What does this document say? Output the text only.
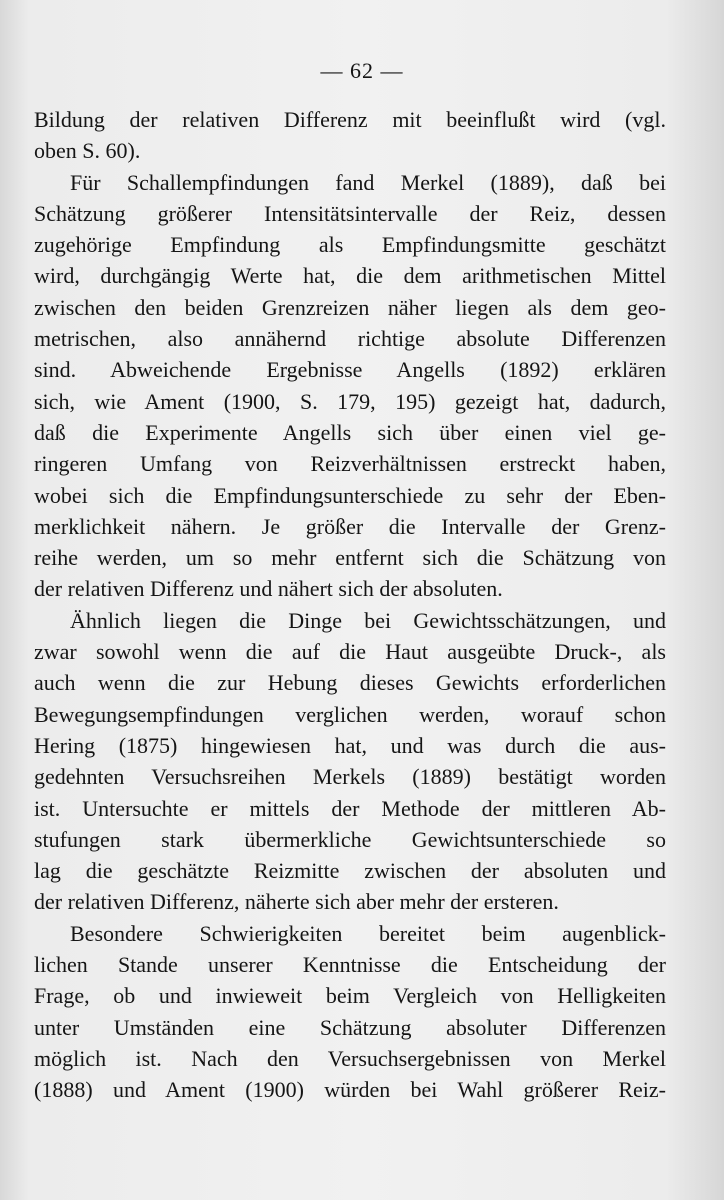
— 62 —
Bildung der relativen Differenz mit beeinflußt wird (vgl.
oben S. 60).
Für Schallempfindungen fand Merkel (1889), daß bei
Schätzung größerer Intensitätsintervalle der Reiz, dessen
zugehörige Empfindung als Empfindungsmitte geschätzt
wird, durchgängig Werte hat, die dem arithmetischen Mittel
zwischen den beiden Grenzreizen näher liegen als dem geo-
metrischen, also annähernd richtige absolute Differenzen
sind. Abweichende Ergebnisse Angells (1892) erklären
sich, wie Ament (1900, S. 179, 195) gezeigt hat, dadurch,
daß die Experimente Angells sich über einen viel ge-
ringeren Umfang von Reizverhältnissen erstreckt haben,
wobei sich die Empfindungsunterschiede zu sehr der Eben-
merklichkeit nähern. Je größer die Intervalle der Grenz-
reihe werden, um so mehr entfernt sich die Schätzung von
der relativen Differenz und nähert sich der absoluten.
Ähnlich liegen die Dinge bei Gewichtsschätzungen, und
zwar sowohl wenn die auf die Haut ausgeübte Druck-, als
auch wenn die zur Hebung dieses Gewichts erforderlichen
Bewegungsempfindungen verglichen werden, worauf schon
Hering (1875) hingewiesen hat, und was durch die aus-
gedehnten Versuchsreihen Merkels (1889) bestätigt worden
ist. Untersuchte er mittels der Methode der mittleren Ab-
stufungen stark übermerkliche Gewichtsunterschiede so
lag die geschätzte Reizmitte zwischen der absoluten und
der relativen Differenz, näherte sich aber mehr der ersteren.
Besondere Schwierigkeiten bereitet beim augenblick-
lichen Stande unserer Kenntnisse die Entscheidung der
Frage, ob und inwieweit beim Vergleich von Helligkeiten
unter Umständen eine Schätzung absoluter Differenzen
möglich ist. Nach den Versuchsergebnissen von Merkel
(1888) und Ament (1900) würden bei Wahl größerer Reiz-
